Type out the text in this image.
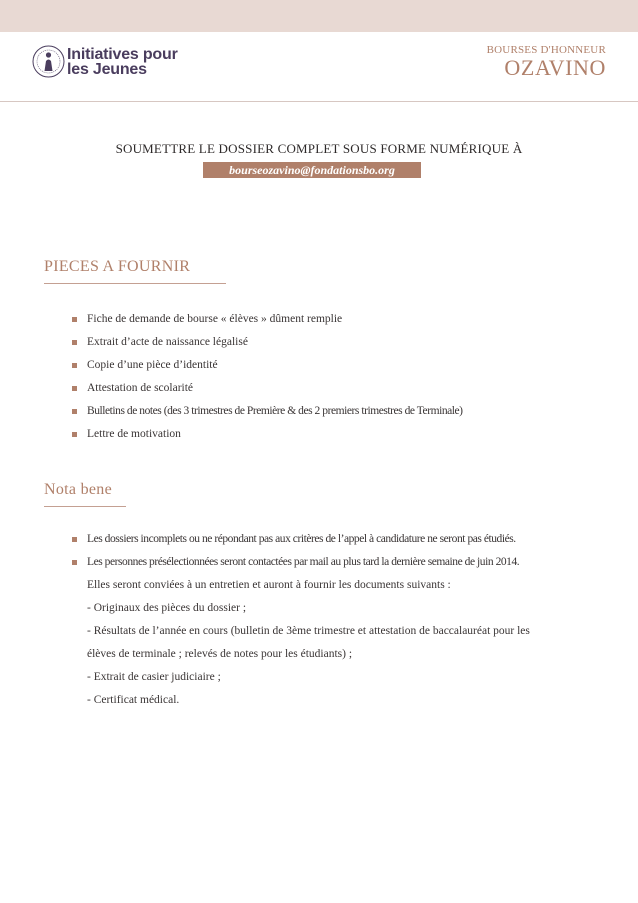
Initiatives pour
les Jeunes
BOURSES D'HONNEUR
OZAVINO
SOUMETTRE LE DOSSIER COMPLET SOUS FORME NUMÉRIQUE À
bourseozavino@fondationsbo.org
PIECES A FOURNIR
Fiche de demande de bourse « élèves » dûment remplie
Extrait d’acte de naissance légalisé
Copie d’une pièce d’identité
Attestation de scolarité
Bulletins de notes (des 3 trimestres de Première & des 2 premiers trimestres de Terminale)
Lettre de motivation
Nota bene
Les dossiers incomplets ou ne répondant pas aux critères de l’appel à candidature ne seront pas étudiés.
Les personnes présélectionnées seront contactées par mail au plus tard la dernière semaine de juin 2014.
Elles seront conviées à un entretien et auront à fournir les documents suivants :
- Originaux des pièces du dossier ;
- Résultats de l’année en cours (bulletin de 3ème trimestre et attestation de baccalauréat pour les
élèves de terminale ; relevés de notes pour les étudiants) ;
- Extrait de casier judiciaire ;
- Certificat médical.
